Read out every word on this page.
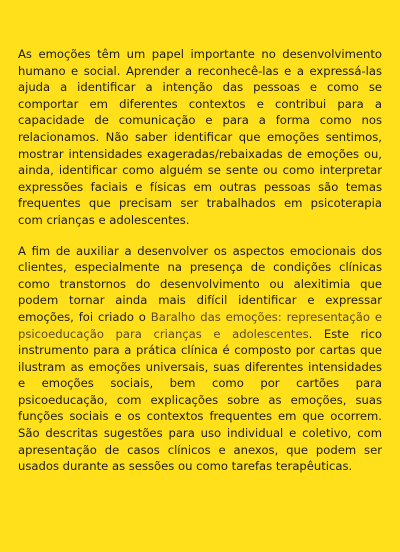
As emoções têm um papel importante no desenvolvimento humano e social. Aprender a reconhecê-las e a expressá-las ajuda a identificar a intenção das pessoas e como se comportar em diferentes contextos e contribui para a capacidade de comunicação e para a forma como nos relacionamos. Não saber identificar que emoções sentimos, mostrar intensidades exageradas/rebaixadas de emoções ou, ainda, identificar como alguém se sente ou como interpretar expressões faciais e físicas em outras pessoas são temas frequentes que precisam ser trabalhados em psicoterapia com crianças e adolescentes.

A fim de auxiliar a desenvolver os aspectos emocionais dos clientes, especialmente na presença de condições clínicas como transtornos do desenvolvimento ou alexitimia que podem tornar ainda mais difícil identificar e expressar emoções, foi criado o Baralho das emoções: representação e psicoeducação para crianças e adolescentes. Este rico instrumento para a prática clínica é composto por cartas que ilustram as emoções universais, suas diferentes intensidades e emoções sociais, bem como por cartões para psicoeducação, com explicações sobre as emoções, suas funções sociais e os contextos frequentes em que ocorrem. São descritas sugestões para uso individual e coletivo, com apresentação de casos clínicos e anexos, que podem ser usados durante as sessões ou como tarefas terapêuticas.
